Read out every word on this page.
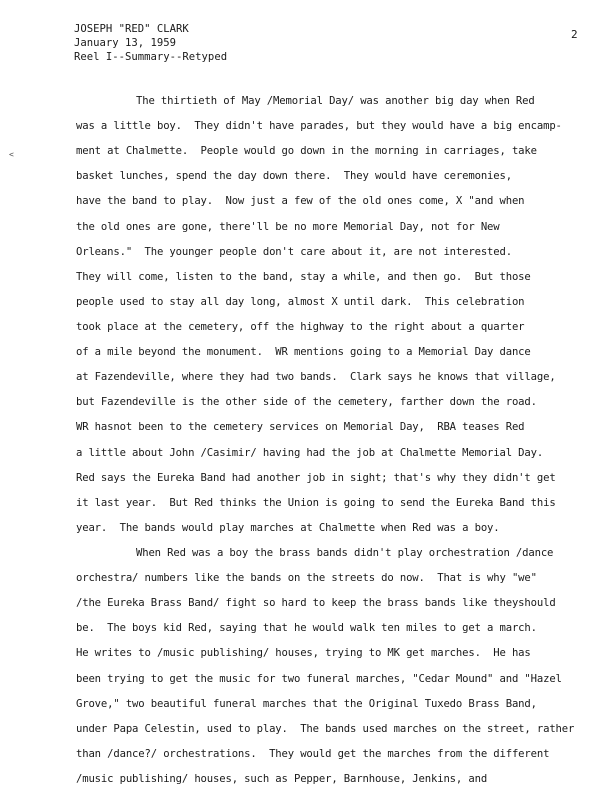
JOSEPH "RED" CLARK
January 13, 1959
Reel I--Summary--Retyped
2
<
The thirtieth of May /Memorial Day/ was another big day when Red
was a little boy.  They didn't have parades, but they would have a big encamp-
ment at Chalmette.  People would go down in the morning in carriages, take
basket lunches, spend the day down there.  They would have ceremonies,
have the band to play.  Now just a few of the old ones come, X "and when
the old ones are gone, there'll be no more Memorial Day, not for New
Orleans."  The younger people don't care about it, are not interested.
They will come, listen to the band, stay a while, and then go.  But those
people used to stay all day long, almost X until dark.  This celebration
took place at the cemetery, off the highway to the right about a quarter
of a mile beyond the monument.  WR mentions going to a Memorial Day dance
at Fazendeville, where they had two bands.  Clark says he knows that village,
but Fazendeville is the other side of the cemetery, farther down the road.
WR hasnot been to the cemetery services on Memorial Day,  RBA teases Red
a little about John /Casimir/ having had the job at Chalmette Memorial Day.
Red says the Eureka Band had another job in sight; that's why they didn't get
it last year.  But Red thinks the Union is going to send the Eureka Band this
year.  The bands would play marches at Chalmette when Red was a boy.
When Red was a boy the brass bands didn't play orchestration /dance
orchestra/ numbers like the bands on the streets do now.  That is why "we"
/the Eureka Brass Band/ fight so hard to keep the brass bands like theyshould
be.  The boys kid Red, saying that he would walk ten miles to get a march.
He writes to /music publishing/ houses, trying to MK get marches.  He has
been trying to get the music for two funeral marches, "Cedar Mound" and "Hazel
Grove," two beautiful funeral marches that the Original Tuxedo Brass Band,
under Papa Celestin, used to play.  The bands used marches on the street, rather
than /dance?/ orchestrations.  They would get the marches from the different
/music publishing/ houses, such as Pepper, Barnhouse, Jenkins, and
